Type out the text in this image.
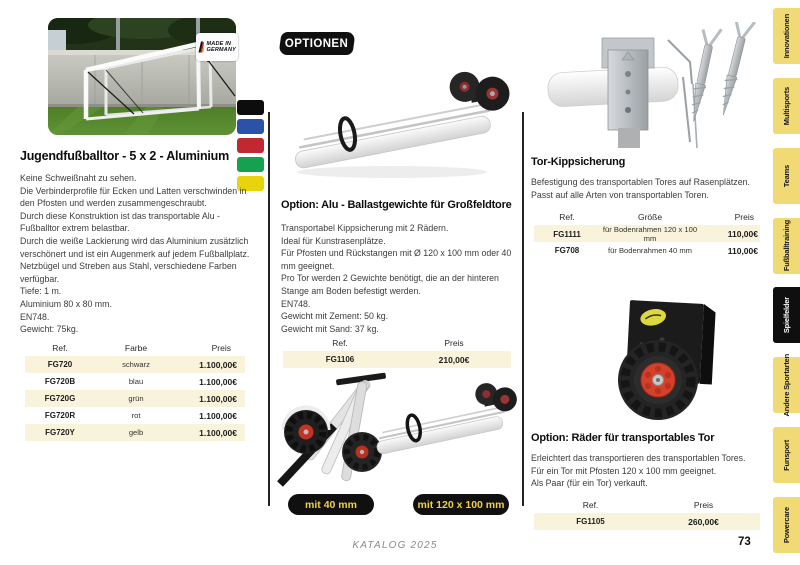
MADE IN
GERMANY
Jugendfußballtor - 5 x 2 - Aluminium
Keine Schweißnaht zu sehen.
Die Verbinderprofile für Ecken und Latten verschwinden in den Pfosten und werden zusammengeschraubt.
Durch diese Konstruktion ist das transportable Alu - Fußballtor extrem belastbar.
Durch die weiße Lackierung wird das Aluminium zusätzlich verschönert und ist ein Augenmerk auf jedem Fußballplatz.
Netzbügel und Streben aus Stahl, verschiedene Farben verfügbar.
Tiefe: 1 m.
Aluminium 80 x 80 mm.
EN748.
Gewicht: 75kg.
Ref.	Farbe	Preis
FG720	schwarz	1.100,00€
FG720B	blau	1.100,00€
FG720G	grün	1.100,00€
FG720R	rot	1.100,00€
FG720Y	gelb	1.100,00€
OPTIONEN
Option: Alu - Ballastgewichte für Großfeldtore
Transportabel Kippsicherung mit 2 Rädern.
Ideal für Kunstrasenplätze.
Für Pfosten und Rückstangen mit Ø 120 x 100 mm oder 40 mm geeignet.
Pro Tor werden 2 Gewichte benötigt, die an der hinteren Stange am Boden befestigt werden.
EN748.
Gewicht mit Zement: 50 kg.
Gewicht mit Sand: 37 kg.
Ref.	Preis
FG1106	210,00€
mit 40 mm	mit 120 x 100 mm
Tor-Kippsicherung
Befestigung des transportablen Tores auf Rasenplätzen.
Passt auf alle Arten von transportablen Toren.
Ref.	Größe	Preis
FG1111	für Bodenrahmen 120 x 100 mm	110,00€
FG708	für Bodenrahmen 40 mm	110,00€
Option: Räder für transportables Tor
Erleichtert das transportieren des transportablen Tores.
Für ein Tor mit Pfosten 120 x 100 mm geeignet.
Als Paar (für ein Tor) verkauft.
Ref.	Preis
FG1105	260,00€
Innovationen
Multisports
Teams
Fußballtraining
Spielfelder
Andere Sportarten
Funsport
Powercare
KATALOG 2025	73
